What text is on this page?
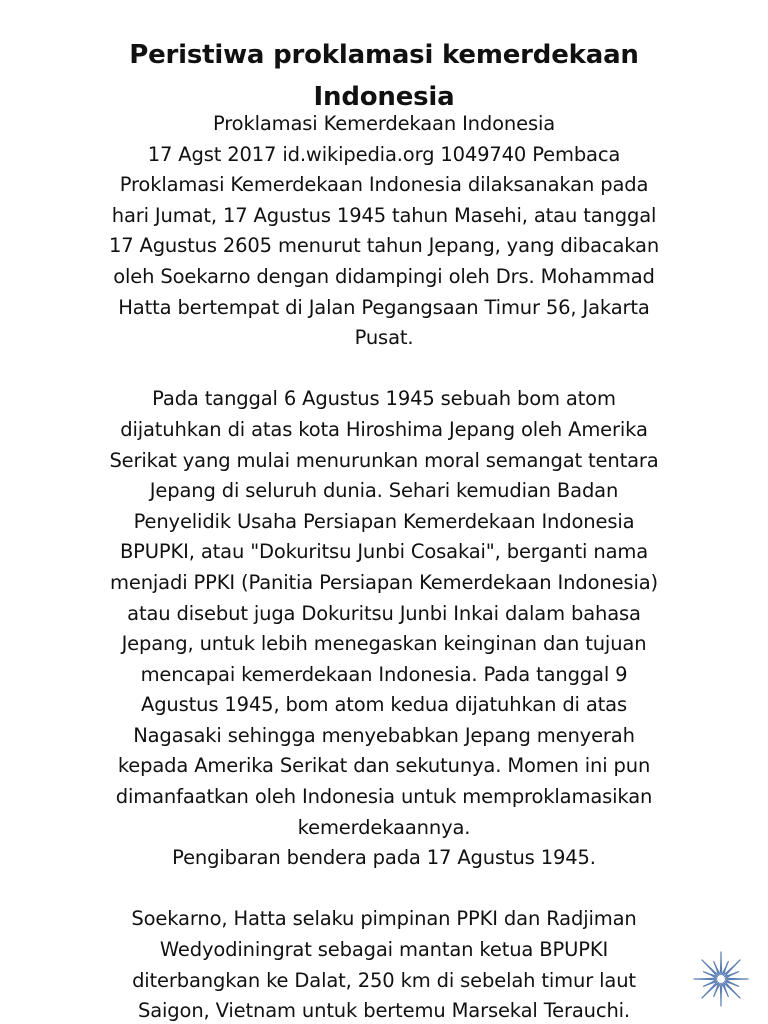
Peristiwa proklamasi kemerdekaan
Indonesia
Proklamasi Kemerdekaan Indonesia
17 Agst 2017 id.wikipedia.org 1049740 Pembaca
Proklamasi Kemerdekaan Indonesia dilaksanakan pada
hari Jumat, 17 Agustus 1945 tahun Masehi, atau tanggal
17 Agustus 2605 menurut tahun Jepang, yang dibacakan
oleh Soekarno dengan didampingi oleh Drs. Mohammad
Hatta bertempat di Jalan Pegangsaan Timur 56, Jakarta
Pusat.
Pada tanggal 6 Agustus 1945 sebuah bom atom
dijatuhkan di atas kota Hiroshima Jepang oleh Amerika
Serikat yang mulai menurunkan moral semangat tentara
Jepang di seluruh dunia. Sehari kemudian Badan
Penyelidik Usaha Persiapan Kemerdekaan Indonesia
BPUPKI, atau "Dokuritsu Junbi Cosakai", berganti nama
menjadi PPKI (Panitia Persiapan Kemerdekaan Indonesia)
atau disebut juga Dokuritsu Junbi Inkai dalam bahasa
Jepang, untuk lebih menegaskan keinginan dan tujuan
mencapai kemerdekaan Indonesia. Pada tanggal 9
Agustus 1945, bom atom kedua dijatuhkan di atas
Nagasaki sehingga menyebabkan Jepang menyerah
kepada Amerika Serikat dan sekutunya. Momen ini pun
dimanfaatkan oleh Indonesia untuk memproklamasikan
kemerdekaannya.
Pengibaran bendera pada 17 Agustus 1945.
Soekarno, Hatta selaku pimpinan PPKI dan Radjiman
Wedyodiningrat sebagai mantan ketua BPUPKI
diterbangkan ke Dalat, 250 km di sebelah timur laut
Saigon, Vietnam untuk bertemu Marsekal Terauchi.
